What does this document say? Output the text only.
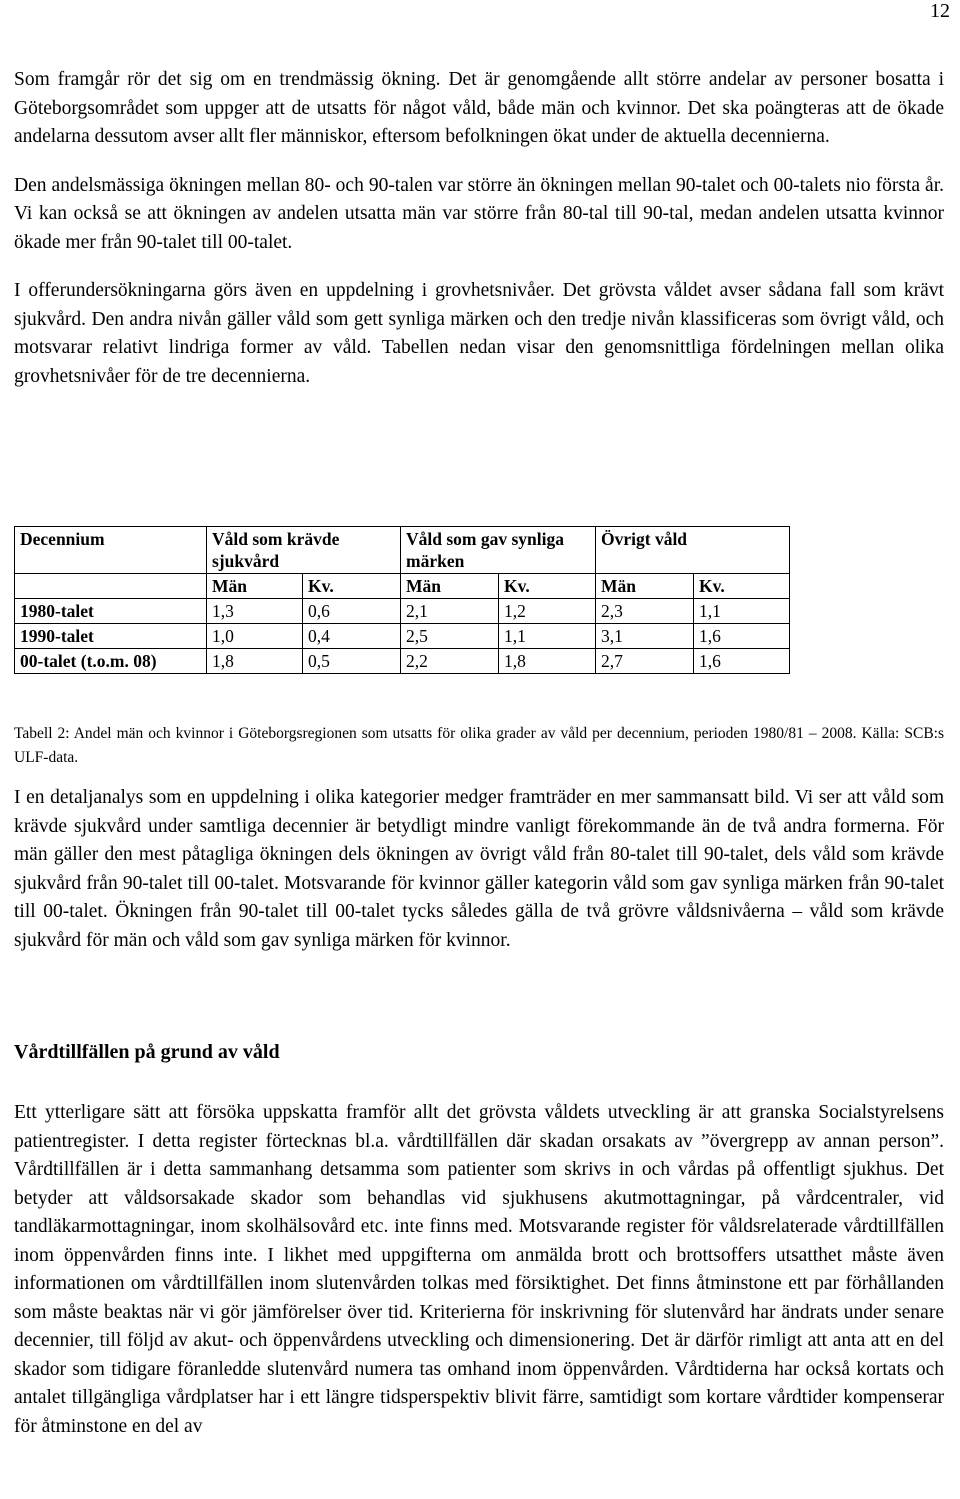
12

Som framgår rör det sig om en trendmässig ökning. Det är genomgående allt större andelar av personer bosatta i Göteborgsområdet som uppger att de utsatts för något våld, både män och kvinnor. Det ska poängteras att de ökade andelarna dessutom avser allt fler människor, eftersom befolkningen ökat under de aktuella decennierna.

Den andelsmässiga ökningen mellan 80- och 90-talen var större än ökningen mellan 90-talet och 00-talets nio första år. Vi kan också se att ökningen av andelen utsatta män var större från 80-tal till 90-tal, medan andelen utsatta kvinnor ökade mer från 90-talet till 00-talet.

I offerundersökningarna görs även en uppdelning i grovhetsnivåer. Det grövsta våldet avser sådana fall som krävt sjukvård. Den andra nivån gäller våld som gett synliga märken och den tredje nivån klassificeras som övrigt våld, och motsvarar relativt lindriga former av våld. Tabellen nedan visar den genomsnittliga fördelningen mellan olika grovhetsnivåer för de tre decennierna.

Decennium	Våld som krävde sjukvård		Våld som gav synliga märken		Övrigt våld	
	Män	Kv.	Män	Kv.	Män	Kv.
1980-talet	1,3	0,6	2,1	1,2	2,3	1,1
1990-talet	1,0	0,4	2,5	1,1	3,1	1,6
00-talet (t.o.m. 08)	1,8	0,5	2,2	1,8	2,7	1,6

Tabell 2: Andel män och kvinnor i Göteborgsregionen som utsatts för olika grader av våld per decennium, perioden 1980/81 – 2008. Källa: SCB:s ULF-data.

I en detaljanalys som en uppdelning i olika kategorier medger framträder en mer sammansatt bild. Vi ser att våld som krävde sjukvård under samtliga decennier är betydligt mindre vanligt förekommande än de två andra formerna. För män gäller den mest påtagliga ökningen dels ökningen av övrigt våld från 80-talet till 90-talet, dels våld som krävde sjukvård från 90-talet till 00-talet. Motsvarande för kvinnor gäller kategorin våld som gav synliga märken från 90-talet till 00-talet. Ökningen från 90-talet till 00-talet tycks således gälla de två grövre våldsnivåerna – våld som krävde sjukvård för män och våld som gav synliga märken för kvinnor.

Vårdtillfällen på grund av våld

Ett ytterligare sätt att försöka uppskatta framför allt det grövsta våldets utveckling är att granska Socialstyrelsens patientregister. I detta register förtecknas bl.a. vårdtillfällen där skadan orsakats av ”övergrepp av annan person”. Vårdtillfällen är i detta sammanhang detsamma som patienter som skrivs in och vårdas på offentligt sjukhus. Det betyder att våldsorsakade skador som behandlas vid sjukhusens akutmottagningar, på vårdcentraler, vid tandläkarmottagningar, inom skolhälsovård etc. inte finns med. Motsvarande register för våldsrelaterade vårdtillfällen inom öppenvården finns inte. I likhet med uppgifterna om anmälda brott och brottsoffers utsatthet måste även informationen om vårdtillfällen inom slutenvården tolkas med försiktighet. Det finns åtminstone ett par förhållanden som måste beaktas när vi gör jämförelser över tid. Kriterierna för inskrivning för slutenvård har ändrats under senare decennier, till följd av akut- och öppenvårdens utveckling och dimensionering. Det är därför rimligt att anta att en del skador som tidigare föranledde slutenvård numera tas omhand inom öppenvården. Vårdtiderna har också kortats och antalet tillgängliga vårdplatser har i ett längre tidsperspektiv blivit färre, samtidigt som kortare vårdtider kompenserar för åtminstone en del av
